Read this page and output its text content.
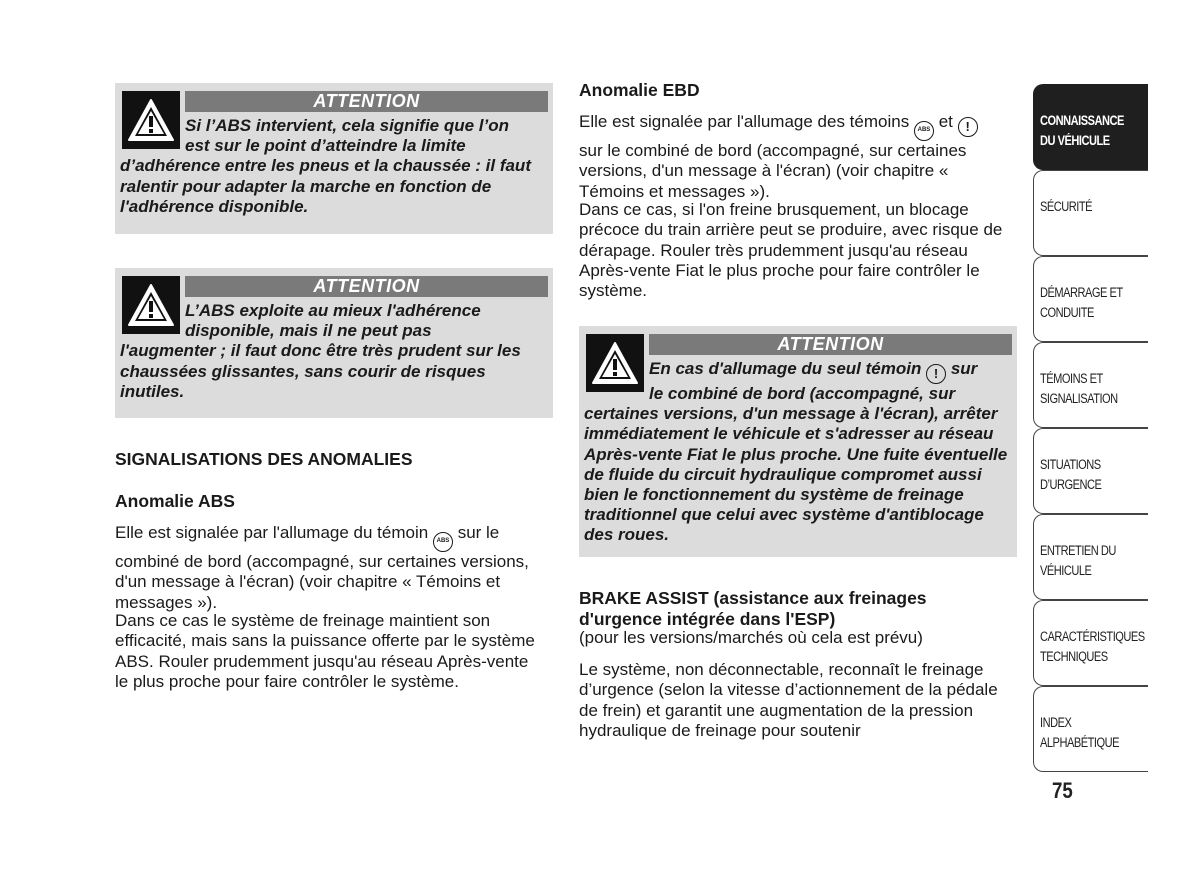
ATTENTION
Si l’ABS intervient, cela signifie que l’on
est sur le point d’atteindre la limite
d’adhérence entre les pneus et la chaussée : il faut ralentir pour adapter la marche en fonction de l'adhérence disponible.
ATTENTION
L’ABS exploite au mieux l'adhérence
disponible, mais il ne peut pas
l'augmenter ; il faut donc être très prudent sur les chaussées glissantes, sans courir de risques inutiles.
SIGNALISATIONS DES ANOMALIES
Anomalie ABS
Elle est signalée par l'allumage du témoin ABS sur le combiné de bord (accompagné, sur certaines versions, d'un message à l'écran) (voir chapitre « Témoins et messages »).
Dans ce cas le système de freinage maintient son efficacité, mais sans la puissance offerte par le système ABS. Rouler prudemment jusqu'au réseau Après-vente le plus proche pour faire contrôler le système.
Anomalie EBD
Elle est signalée par l'allumage des témoins ABS et ! sur le combiné de bord (accompagné, sur certaines versions, d'un message à l'écran) (voir chapitre « Témoins et messages »).
Dans ce cas, si l'on freine brusquement, un blocage précoce du train arrière peut se produire, avec risque de dérapage. Rouler très prudemment jusqu'au réseau Après-vente Fiat le plus proche pour faire contrôler le système.
ATTENTION
En cas d'allumage du seul témoin ! sur
le combiné de bord (accompagné, sur
certaines versions, d'un message à l'écran), arrêter immédiatement le véhicule et s'adresser au réseau Après-vente Fiat le plus proche. Une fuite éventuelle de fluide du circuit hydraulique compromet aussi bien le fonctionnement du système de freinage traditionnel que celui avec système d'antiblocage des roues.
BRAKE ASSIST (assistance aux freinages d'urgence intégrée dans l'ESP)
(pour les versions/marchés où cela est prévu)
Le système, non déconnectable, reconnaît le freinage d’urgence (selon la vitesse d’actionnement de la pédale de frein) et garantit une augmentation de la pression hydraulique de freinage pour soutenir
CONNAISSANCE
DU VÉHICULE
SÉCURITÉ
DÉMARRAGE ET
CONDUITE
TÉMOINS ET
SIGNALISATION
SITUATIONS
D’URGENCE
ENTRETIEN DU
VÉHICULE
CARACTÉRISTIQUES
TECHNIQUES
INDEX
ALPHABÉTIQUE
75
